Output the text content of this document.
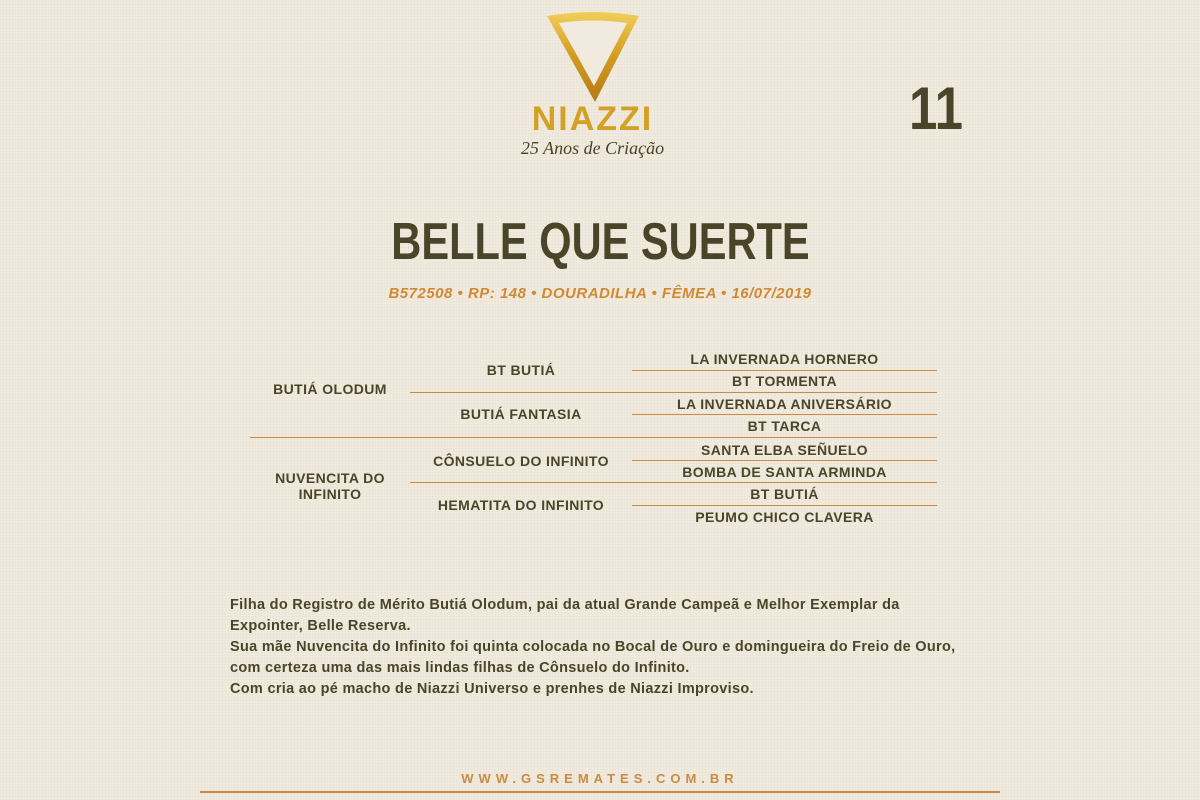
NIAZZI
25 Anos de Criação
11
BELLE QUE SUERTE
B572508 • RP: 148 • DOURADILHA • FÊMEA • 16/07/2019
BUTIÁ OLODUM
NUVENCITA DO INFINITO
BT BUTIÁ
BUTIÁ FANTASIA
CÔNSUELO DO INFINITO
HEMATITA DO INFINITO
LA INVERNADA HORNERO
BT TORMENTA
LA INVERNADA ANIVERSÁRIO
BT TARCA
SANTA ELBA SEÑUELO
BOMBA DE SANTA ARMINDA
BT BUTIÁ
PEUMO CHICO CLAVERA

Filha do Registro de Mérito Butiá Olodum, pai da atual Grande Campeã e Melhor Exemplar da Expointer, Belle Reserva.

Sua mãe Nuvencita do Infinito foi quinta colocada no Bocal de Ouro e domingueira do Freio de Ouro, com certeza uma das mais lindas filhas de Cônsuelo do Infinito.

Com cria ao pé macho de Niazzi Universo e prenhes de Niazzi Improviso.

WWW.GSREMATES.COM.BR
